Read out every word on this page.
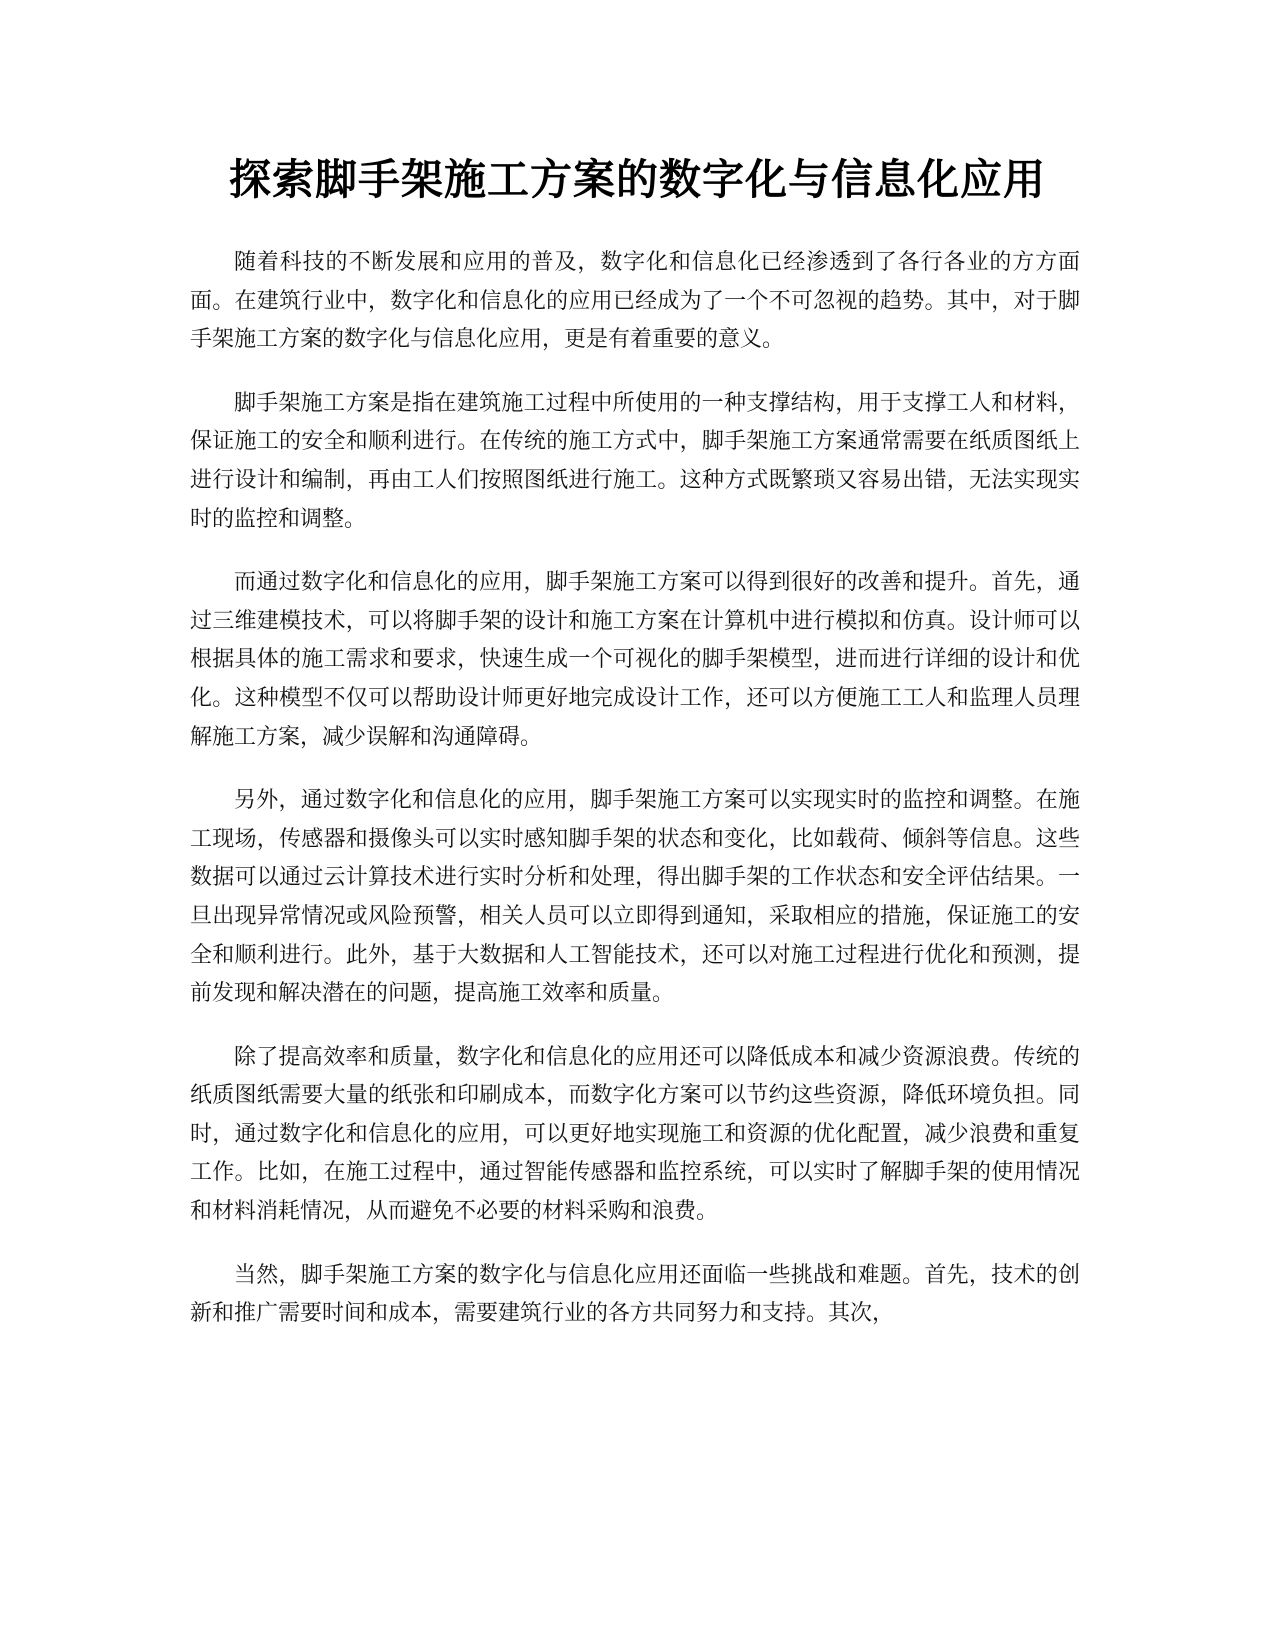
探索脚手架施工方案的数字化与信息化应用

随着科技的不断发展和应用的普及，数字化和信息化已经渗透到了各行各业的方方面面。在建筑行业中，数字化和信息化的应用已经成为了一个不可忽视的趋势。其中，对于脚手架施工方案的数字化与信息化应用，更是有着重要的意义。

脚手架施工方案是指在建筑施工过程中所使用的一种支撑结构，用于支撑工人和材料，保证施工的安全和顺利进行。在传统的施工方式中，脚手架施工方案通常需要在纸质图纸上进行设计和编制，再由工人们按照图纸进行施工。这种方式既繁琐又容易出错，无法实现实时的监控和调整。

而通过数字化和信息化的应用，脚手架施工方案可以得到很好的改善和提升。首先，通过三维建模技术，可以将脚手架的设计和施工方案在计算机中进行模拟和仿真。设计师可以根据具体的施工需求和要求，快速生成一个可视化的脚手架模型，进而进行详细的设计和优化。这种模型不仅可以帮助设计师更好地完成设计工作，还可以方便施工工人和监理人员理解施工方案，减少误解和沟通障碍。

另外，通过数字化和信息化的应用，脚手架施工方案可以实现实时的监控和调整。在施工现场，传感器和摄像头可以实时感知脚手架的状态和变化，比如载荷、倾斜等信息。这些数据可以通过云计算技术进行实时分析和处理，得出脚手架的工作状态和安全评估结果。一旦出现异常情况或风险预警，相关人员可以立即得到通知，采取相应的措施，保证施工的安全和顺利进行。此外，基于大数据和人工智能技术，还可以对施工过程进行优化和预测，提前发现和解决潜在的问题，提高施工效率和质量。

除了提高效率和质量，数字化和信息化的应用还可以降低成本和减少资源浪费。传统的纸质图纸需要大量的纸张和印刷成本，而数字化方案可以节约这些资源，降低环境负担。同时，通过数字化和信息化的应用，可以更好地实现施工和资源的优化配置，减少浪费和重复工作。比如，在施工过程中，通过智能传感器和监控系统，可以实时了解脚手架的使用情况和材料消耗情况，从而避免不必要的材料采购和浪费。

当然，脚手架施工方案的数字化与信息化应用还面临一些挑战和难题。首先，技术的创新和推广需要时间和成本，需要建筑行业的各方共同努力和支持。其次，
